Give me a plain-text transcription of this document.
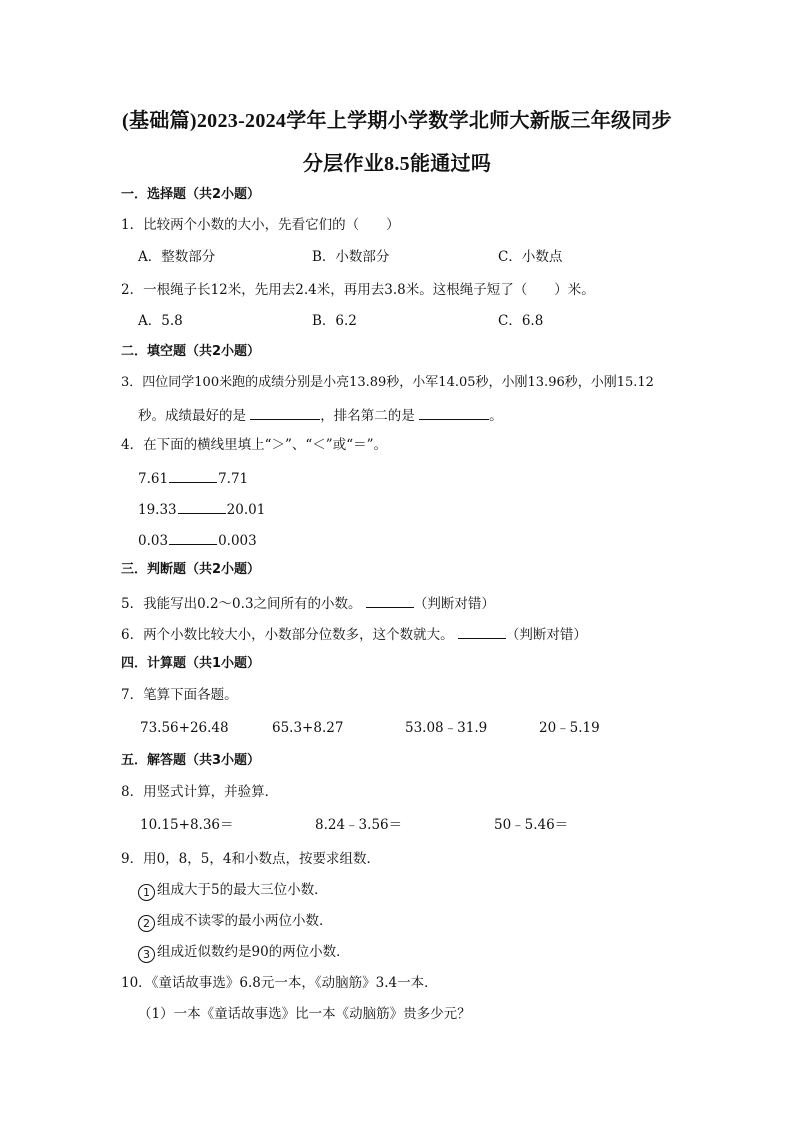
(基础篇)2023-2024学年上学期小学数学北师大新版三年级同步
分层作业8.5能通过吗
一．选择题（共2小题）
1．比较两个小数的大小，先看它们的（　　）
A．整数部分	B．小数部分	C．小数点
2．一根绳子长12米，先用去2.4米，再用去3.8米。这根绳子短了（　　）米。
A．5.8	B．6.2	C．6.8
二．填空题（共2小题）
3．四位同学100米跑的成绩分别是小亮13.89秒，小军14.05秒，小刚13.96秒，小刚15.12
秒。成绩最好的是	，排名第二的是	。
4．在下面的横线里填上“＞”、“＜”或“＝”。
7.61	7.71
19.33	20.01
0.03	0.003
三．判断题（共2小题）
5．我能写出0.2～0.3之间所有的小数。	（判断对错）
6．两个小数比较大小，小数部分位数多，这个数就大。	（判断对错）
四．计算题（共1小题）
7．笔算下面各题。
73.56+26.48	65.3+8.27	53.08﹣31.9	20﹣5.19
五．解答题（共3小题）
8．用竖式计算，并验算．
10.15+8.36＝	8.24﹣3.56＝	50﹣5.46＝
9．用0，8，5，4和小数点，按要求组数．
1 组成大于5的最大三位小数．
2 组成不读零的最小两位小数．
3 组成近似数约是90的两位小数．
10．《童话故事选》6.8元一本，《动脑筋》3.4一本．
（1）一本《童话故事选》比一本《动脑筋》贵多少元？
